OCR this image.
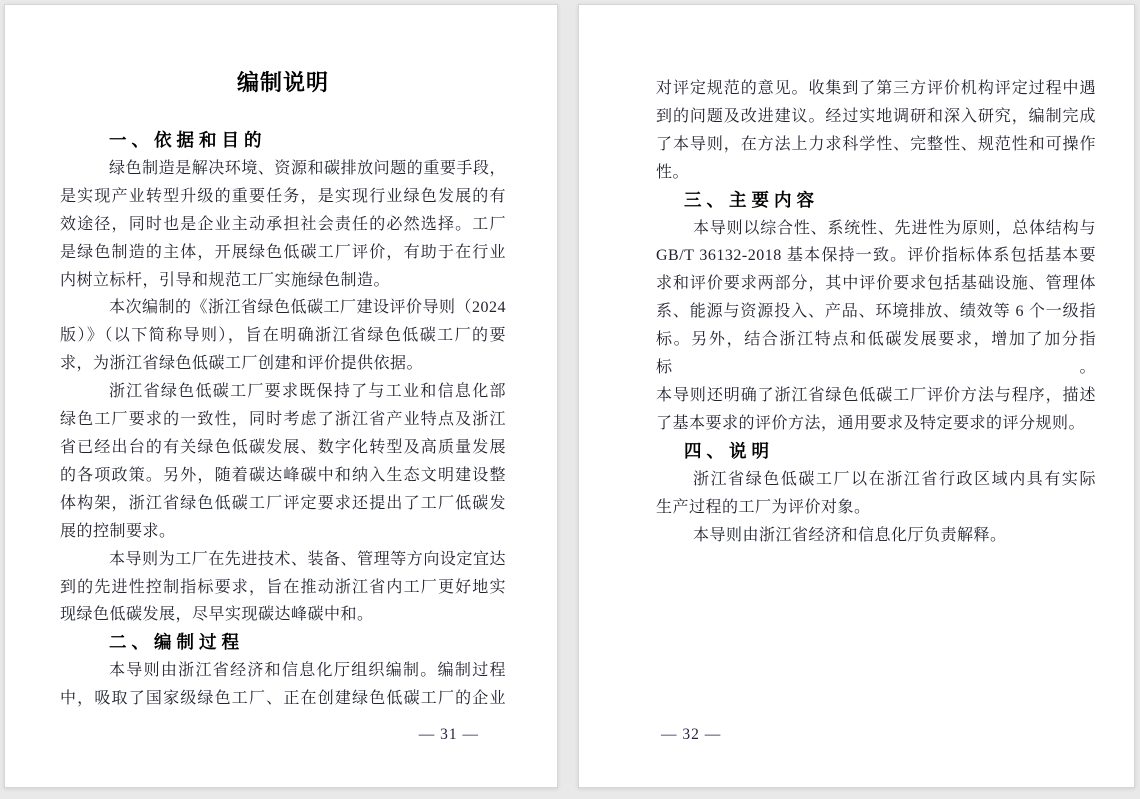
编制说明
一、依据和目的
绿色制造是解决环境、资源和碳排放问题的重要手段，
是实现产业转型升级的重要任务，是实现行业绿色发展的有
效途径，同时也是企业主动承担社会责任的必然选择。工厂
是绿色制造的主体，开展绿色低碳工厂评价，有助于在行业
内树立标杆，引导和规范工厂实施绿色制造。
本次编制的《浙江省绿色低碳工厂建设评价导则（2024
版）》（以下简称导则），旨在明确浙江省绿色低碳工厂的要
求，为浙江省绿色低碳工厂创建和评价提供依据。
浙江省绿色低碳工厂要求既保持了与工业和信息化部
绿色工厂要求的一致性，同时考虑了浙江省产业特点及浙江
省已经出台的有关绿色低碳发展、数字化转型及高质量发展
的各项政策。另外，随着碳达峰碳中和纳入生态文明建设整
体构架，浙江省绿色低碳工厂评定要求还提出了工厂低碳发
展的控制要求。
本导则为工厂在先进技术、装备、管理等方向设定宜达
到的先进性控制指标要求，旨在推动浙江省内工厂更好地实
现绿色低碳发展，尽早实现碳达峰碳中和。
二、编制过程
本导则由浙江省经济和信息化厅组织编制。编制过程
中，吸取了国家级绿色工厂、正在创建绿色低碳工厂的企业
— 31 —
对评定规范的意见。收集到了第三方评价机构评定过程中遇
到的问题及改进建议。经过实地调研和深入研究，编制完成
了本导则，在方法上力求科学性、完整性、规范性和可操作
性。
三、主要内容
本导则以综合性、系统性、先进性为原则，总体结构与
GB/T 36132-2018 基本保持一致。评价指标体系包括基本要
求和评价要求两部分，其中评价要求包括基础设施、管理体
系、能源与资源投入、产品、环境排放、绩效等 6 个一级指
标。另外，结合浙江特点和低碳发展要求，增加了加分指标。
本导则还明确了浙江省绿色低碳工厂评价方法与程序，描述
了基本要求的评价方法，通用要求及特定要求的评分规则。
四、说明
浙江省绿色低碳工厂以在浙江省行政区域内具有实际
生产过程的工厂为评价对象。
本导则由浙江省经济和信息化厅负责解释。
— 32 —
